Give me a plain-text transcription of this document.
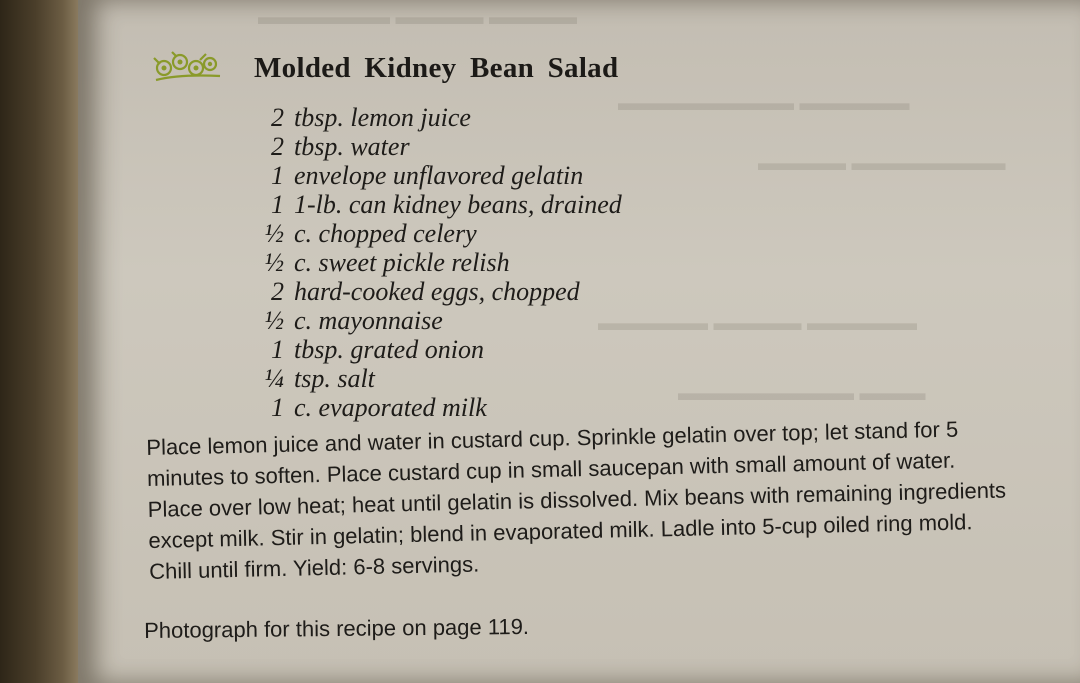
▬▬▬▬▬▬ ▬▬▬▬ ▬▬▬▬
▬▬▬▬▬▬▬▬ ▬▬▬▬▬
▬▬▬▬ ▬▬▬▬▬▬▬
▬▬▬▬▬ ▬▬▬▬ ▬▬▬▬▬
▬▬▬▬▬▬▬▬ ▬▬▬
Molded Kidney Bean Salad
2 tbsp. lemon juice
2 tbsp. water
1 envelope unflavored gelatin
1 1-lb. can kidney beans, drained
½ c. chopped celery
½ c. sweet pickle relish
2 hard-cooked eggs, chopped
½ c. mayonnaise
1 tbsp. grated onion
¼ tsp. salt
1 c. evaporated milk

Place lemon juice and water in custard cup. Sprinkle gelatin over top; let stand for 5 minutes to soften. Place custard cup in small saucepan with small amount of water. Place over low heat; heat until gelatin is dissolved. Mix beans with remaining ingredients except milk. Stir in gelatin; blend in evaporated milk. Ladle into 5-cup oiled ring mold. Chill until firm. Yield: 6-8 servings.

Photograph for this recipe on page 119.
